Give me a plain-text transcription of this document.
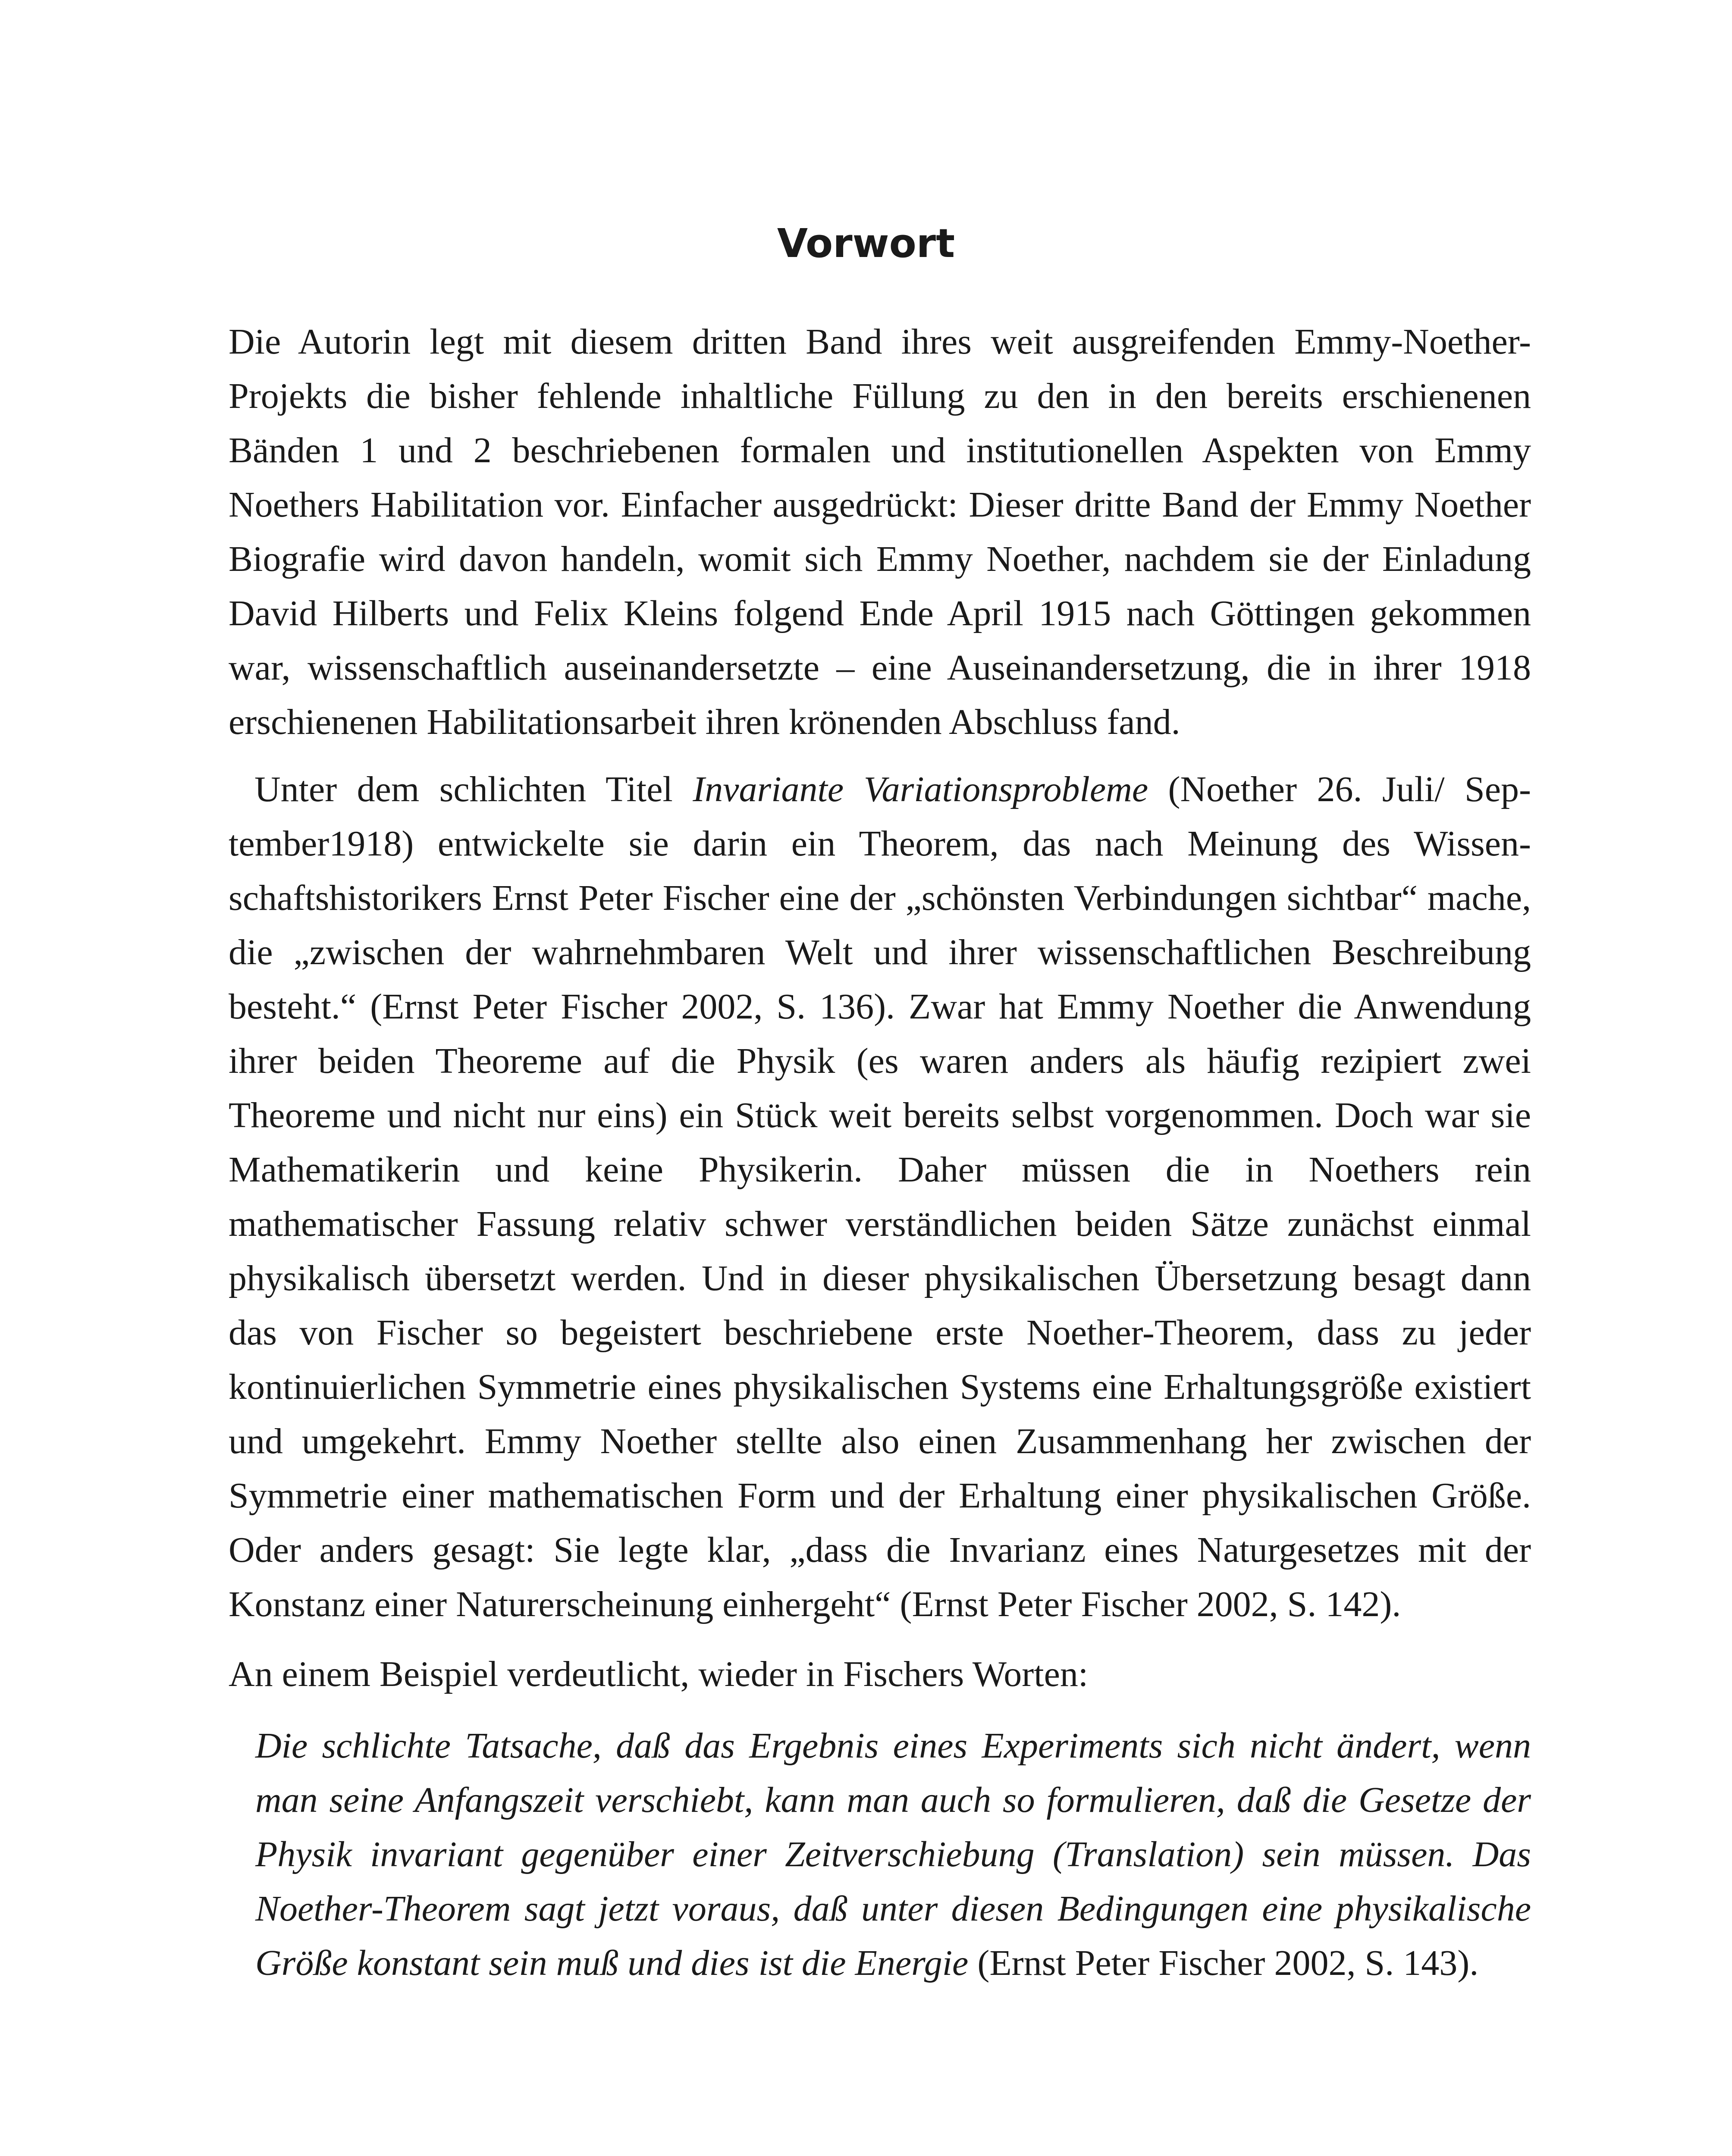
Vorwort

Die Autorin legt mit diesem dritten Band ihres weit ausgreifenden Emmy-Noether-Projekts die bisher fehlende inhaltliche Füllung zu den in den bereits erschienenen Bänden 1 und 2 beschriebenen formalen und institutionellen Aspekten von Emmy Noethers Habilitation vor. Einfacher ausgedrückt: Dieser dritte Band der Emmy Noether Biografie wird davon handeln, womit sich Emmy Noether, nachdem sie der Einladung David Hilberts und Felix Kleins folgend Ende April 1915 nach Göttingen gekommen war, wissenschaftlich auseinandersetzte – eine Auseinandersetzung, die in ihrer 1918 erschienenen Habilitationsarbeit ihren krönenden Abschluss fand.

Unter dem schlichten Titel Invariante Variationsprobleme (Noether 26. Juli/ September1918) entwickelte sie darin ein Theorem, das nach Meinung des Wissenschaftshistorikers Ernst Peter Fischer eine der „schönsten Verbindungen sichtbar“ mache, die „zwischen der wahrnehmbaren Welt und ihrer wissenschaftlichen Beschreibung besteht.“ (Ernst Peter Fischer 2002, S. 136). Zwar hat Emmy Noether die Anwendung ihrer beiden Theoreme auf die Physik (es waren anders als häufig rezipiert zwei Theoreme und nicht nur eins) ein Stück weit bereits selbst vorgenommen. Doch war sie Mathematikerin und keine Physikerin. Daher müssen die in Noethers rein mathematischer Fassung relativ schwer verständlichen beiden Sätze zunächst einmal physikalisch übersetzt werden. Und in dieser physikalischen Übersetzung besagt dann das von Fischer so begeistert beschriebene erste Noether-Theorem, dass zu jeder kontinuierlichen Symmetrie eines physikalischen Systems eine Erhaltungsgröße existiert und umgekehrt. Emmy Noether stellte also einen Zusammenhang her zwischen der Symmetrie einer mathematischen Form und der Erhaltung einer physikalischen Größe. Oder anders gesagt: Sie legte klar, „dass die Invarianz eines Naturgesetzes mit der Konstanz einer Naturerscheinung einhergeht“ (Ernst Peter Fischer 2002, S. 142).

An einem Beispiel verdeutlicht, wieder in Fischers Worten:

Die schlichte Tatsache, daß das Ergebnis eines Experiments sich nicht ändert, wenn man seine Anfangszeit verschiebt, kann man auch so formulieren, daß die Gesetze der Physik invariant gegenüber einer Zeitverschiebung (Translation) sein müssen. Das Noether-Theorem sagt jetzt voraus, daß unter diesen Bedingungen eine physikalische Größe konstant sein muß und dies ist die Energie (Ernst Peter Fischer 2002, S. 143).
